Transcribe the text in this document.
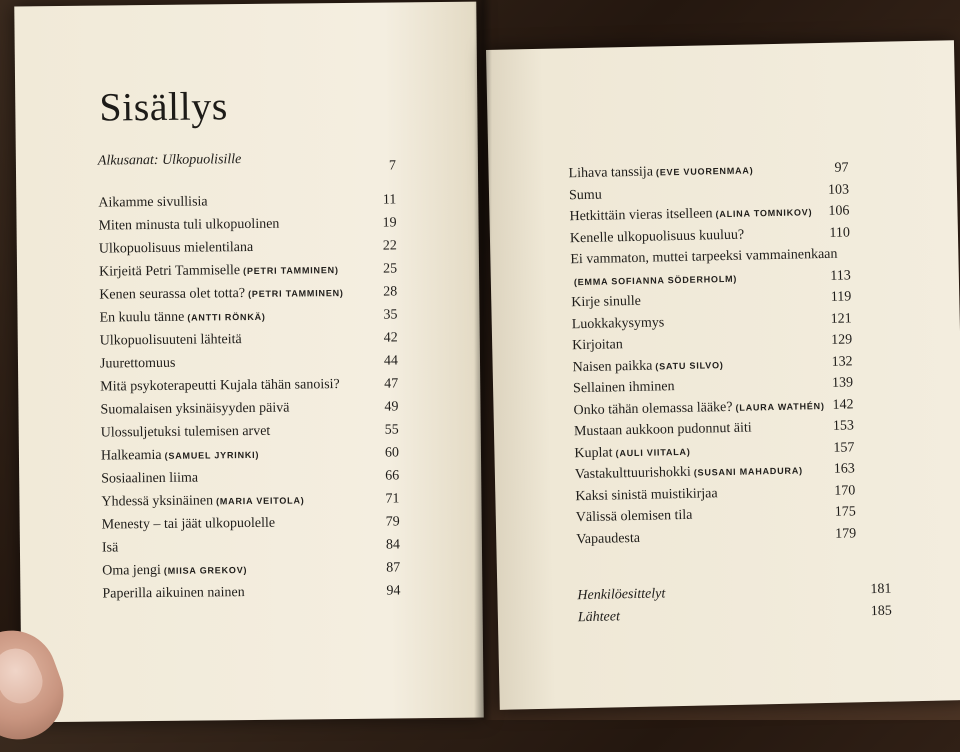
Sisällys
Alkusanat: Ulkopuolisille	7
Aikamme sivullisia	11
Miten minusta tuli ulkopuolinen	19
Ulkopuolisuus mielentilana	22
Kirjeitä Petri Tammiselle (PETRI TAMMINEN)	25
Kenen seurassa olet totta? (PETRI TAMMINEN)	28
En kuulu tänne (ANTTI RÖNKÄ)	35
Ulkopuolisuuteni lähteitä	42
Juurettomuus	44
Mitä psykoterapeutti Kujala tähän sanoisi?	47
Suomalaisen yksinäisyyden päivä	49
Ulossuljetuksi tulemisen arvet	55
Halkeamia (SAMUEL JYRINKI)	60
Sosiaalinen liima	66
Yhdessä yksinäinen (MARIA VEITOLA)	71
Menesty – tai jäät ulkopuolelle	79
Isä	84
Oma jengi (MIISA GREKOV)	87
Paperilla aikuinen nainen	94
Lihava tanssija (EVE VUORENMAA)	97
Sumu	103
Hetkittäin vieras itselleen (ALINA TOMNIKOV)	106
Kenelle ulkopuolisuus kuuluu?	110
Ei vammaton, muttei tarpeeksi vammainenkaan
(EMMA SOFIANNA SÖDERHOLM)	113
Kirje sinulle	119
Luokkakysymys	121
Kirjoitan	129
Naisen paikka (SATU SILVO)	132
Sellainen ihminen	139
Onko tähän olemassa lääke? (LAURA WATHÉN) 142
Mustaan aukkoon pudonnut äiti	153
Kuplat (AULI VIITALA)	157
Vastakulttuurishokki (SUSANI MAHADURA)	163
Kaksi sinistä muistikirjaa	170
Välissä olemisen tila	175
Vapaudesta	179
Henkilöesittelyt	181
Lähteet	185
